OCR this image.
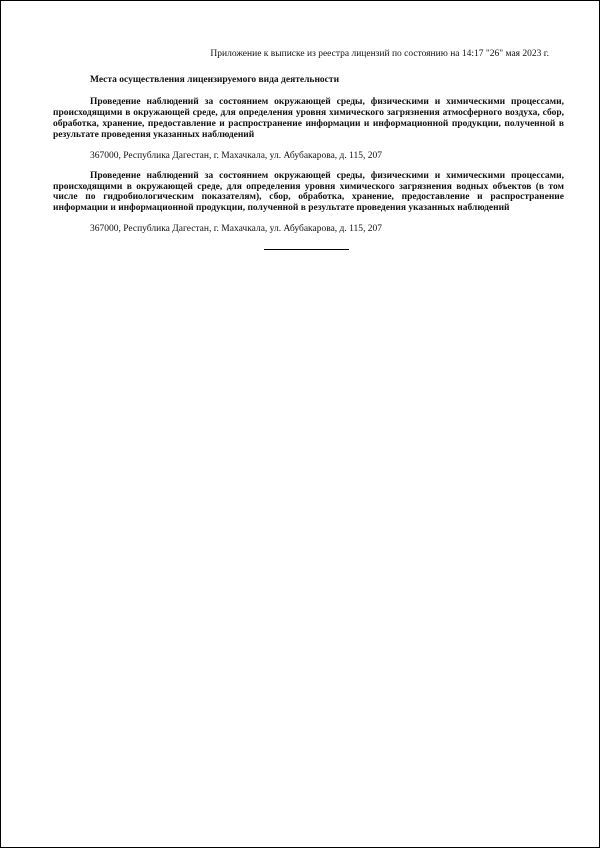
Приложение к выписке из реестра лицензий по состоянию на 14:17 "26" мая 2023 г.
Места осуществления лицензируемого вида деятельности

Проведение наблюдений за состоянием окружающей среды, физическими и химическими процессами, происходящими в окружающей среде, для определения уровня химического загрязнения атмосферного воздуха, сбор, обработка, хранение, предоставление и распространение информации и информационной продукции, полученной в результате проведения указанных наблюдений

367000, Республика Дагестан, г. Махачкала, ул. Абубакарова, д. 115, 207

Проведение наблюдений за состоянием окружающей среды, физическими и химическими процессами, происходящими в окружающей среде, для определения уровня химического загрязнения водных объектов (в том числе по гидробиологическим показателям), сбор, обработка, хранение, предоставление и распространение информации и информационной продукции, полученной в результате проведения указанных наблюдений

367000, Республика Дагестан, г. Махачкала, ул. Абубакарова, д. 115, 207
